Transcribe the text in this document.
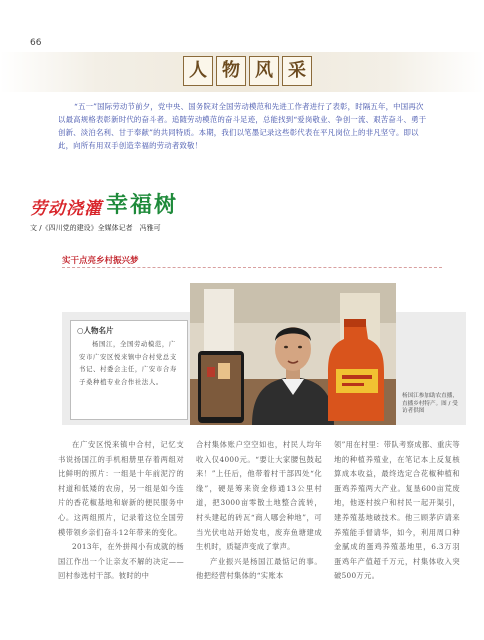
66
人 物 风 采
“五一”国际劳动节前夕，党中央、国务院对全国劳动模范和先进工作者进行了表彰，时隔五年，中国再次以最高规格表彰新时代的奋斗者。追随劳动模范的奋斗足迹，总能找到“爱岗敬业、争创一流、艰苦奋斗、勇于创新、淡泊名利、甘于奉献”的共同特质。本期，我们以笔墨记录这些彰代表在平凡岗位上的非凡坚守。即以此，向所有用双手创造幸福的劳动者致敬！
劳动浇灌 幸福树
文 /《四川党的建设》全媒体记者　冯雅可
实干点亮乡村振兴梦
○人物名片
杨国江，全国劳动模范，广安市广安区悦来镇中合村党总支书记、村委会主任，广安市合寿子桑种植专业合作社法人。
杨国江参加助农直播，直播乡村特产。图 / 受访者供图
在广安区悦来镇中合村，记忆支书说扬国江的手机相册里存着两组对比鲜明的照片：一组是十年前泥泞的村道和低矮的农房，另一组是如今连片的香花椒基地和崭新的便民服务中心。这两组照片，记录着这位全国劳模带领乡亲们奋斗12年带来的变化。
2013年，在外拼闯小有成就的杨国江作出一个让亲友不解的决定——回村参选村干部。彼时的中
合村集体账户空空如也，村民人均年收入仅4000元。“要让大家腰包鼓起来！”上任后，他带着村干部四处“化缘”，硬是筹来资金修通13公里村道，把3000亩零散土地整合流转，村头建起的砖瓦“商人哪会种地”，可当光伏电站开始发电，废弃鱼塘建成生机时，质疑声变成了掌声。
产业振兴是杨国江最惦记的事。他把经营村集体的“实账本
领”用在村里：带队考察成都、重庆等地的种植养殖业，在笔记本上反复核算成本收益，最终选定合花椒种植和蛋鸡养殖两大产业。复垦600亩荒废地，他逐村挨户和村民一起开渠引，建养殖基地破技术。他三顾茅庐请来养殖能手督请华，如今，利用周口种金腻成的蛋鸡养殖基地里，6.3万羽蛋鸡年产值超千万元，村集体收入突破500万元。
